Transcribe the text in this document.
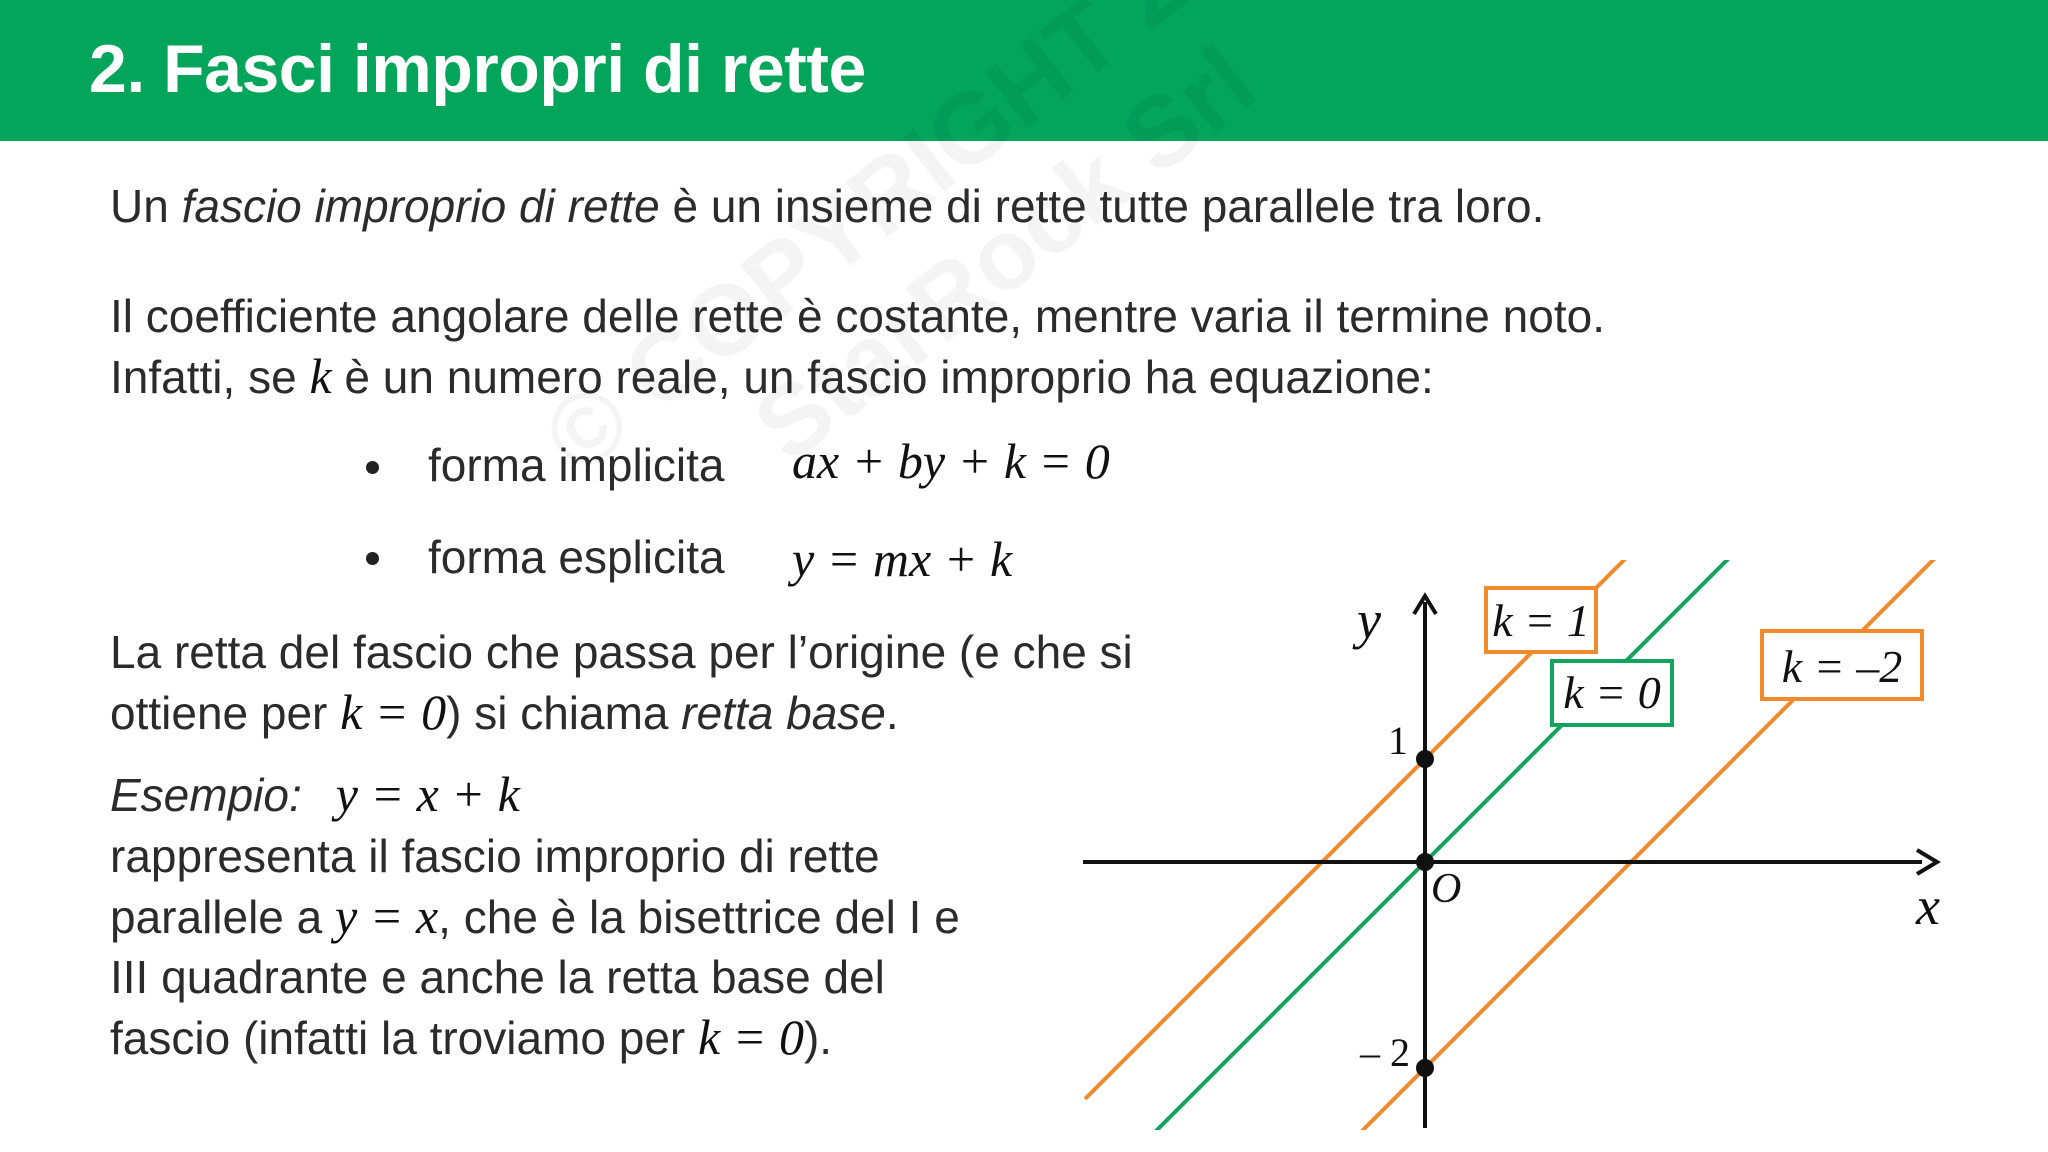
2. Fasci impropri di rette
Un fascio improprio di rette è un insieme di rette tutte parallele tra loro.
Il coefficiente angolare delle rette è costante, mentre varia il termine noto.
Infatti, se k è un numero reale, un fascio improprio ha equazione:
forma implicita ax + by + k = 0
forma esplicita y = mx + k
La retta del fascio che passa per l’origine (e che si
ottiene per k = 0) si chiama retta base.
Esempio: y = x + k
rappresenta il fascio improprio di rette
parallele a y = x, che è la bisettrice del I e
III quadrante e anche la retta base del
fascio (infatti la troviamo per k = 0).
x
y
O
1
– 2
k = 1
k = 0
k = –2
